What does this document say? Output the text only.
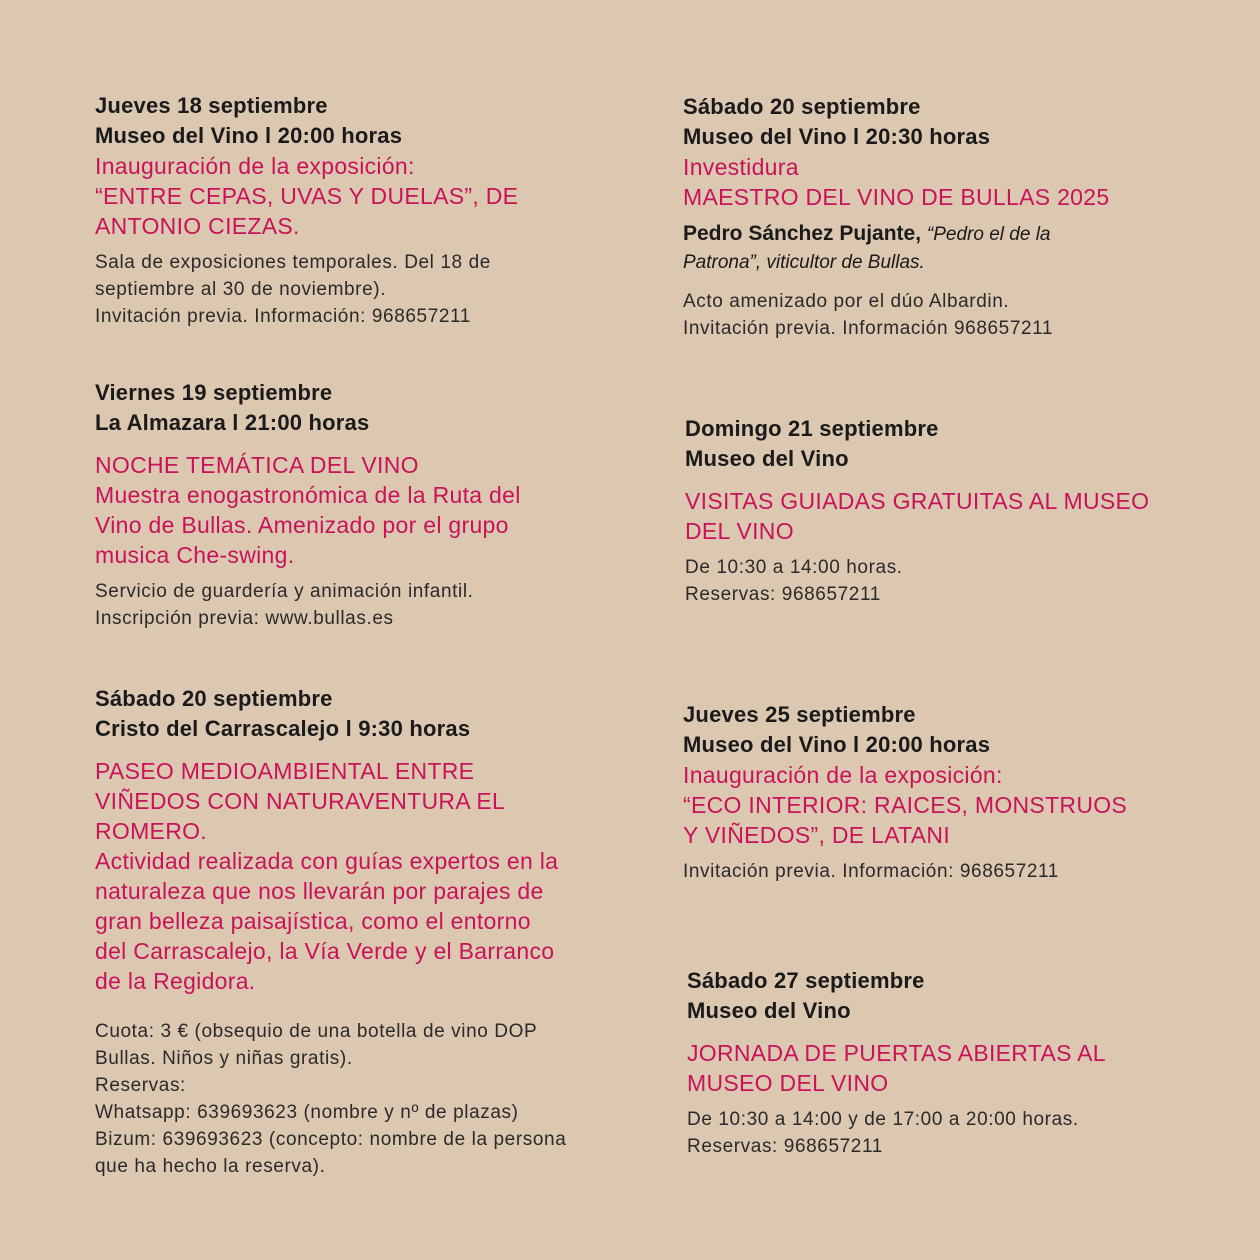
Jueves 18 septiembre
Museo del Vino l 20:00 horas
Inauguración de la exposición:
“ENTRE CEPAS, UVAS Y DUELAS”, DE
ANTONIO CIEZAS.
Sala de exposiciones temporales. Del 18 de
septiembre al 30 de noviembre).
Invitación previa. Información: 968657211
Viernes 19 septiembre
La Almazara l 21:00 horas
NOCHE TEMÁTICA DEL VINO
Muestra enogastronómica de la Ruta del
Vino de Bullas. Amenizado por el grupo
musica Che-swing.
Servicio de guardería y animación infantil.
Inscripción previa: www.bullas.es
Sábado 20 septiembre
Cristo del Carrascalejo l 9:30 horas
PASEO MEDIOAMBIENTAL ENTRE
VIÑEDOS CON NATURAVENTURA EL
ROMERO.
Actividad realizada con guías expertos en la
naturaleza que nos llevarán por parajes de
gran belleza paisajística, como el entorno
del Carrascalejo, la Vía Verde y el Barranco
de la Regidora.
Cuota: 3 € (obsequio de una botella de vino DOP
Bullas. Niños y niñas gratis).
Reservas:
Whatsapp: 639693623 (nombre y nº de plazas)
Bizum: 639693623 (concepto: nombre de la persona
que ha hecho la reserva).
Sábado 20 septiembre
Museo del Vino l 20:30 horas
Investidura
MAESTRO DEL VINO DE BULLAS 2025
Pedro Sánchez Pujante, “Pedro el de la
Patrona”, viticultor de Bullas.
Acto amenizado por el dúo Albardin.
Invitación previa. Información 968657211
Domingo 21 septiembre
Museo del Vino
VISITAS GUIADAS GRATUITAS AL MUSEO
DEL VINO
De 10:30 a 14:00 horas.
Reservas: 968657211
Jueves 25 septiembre
Museo del Vino l 20:00 horas
Inauguración de la exposición:
“ECO INTERIOR: RAICES, MONSTRUOS
Y VIÑEDOS”, DE LATANI
Invitación previa. Información: 968657211
Sábado 27 septiembre
Museo del Vino
JORNADA DE PUERTAS ABIERTAS AL
MUSEO DEL VINO
De 10:30 a 14:00 y de 17:00 a 20:00 horas.
Reservas: 968657211
